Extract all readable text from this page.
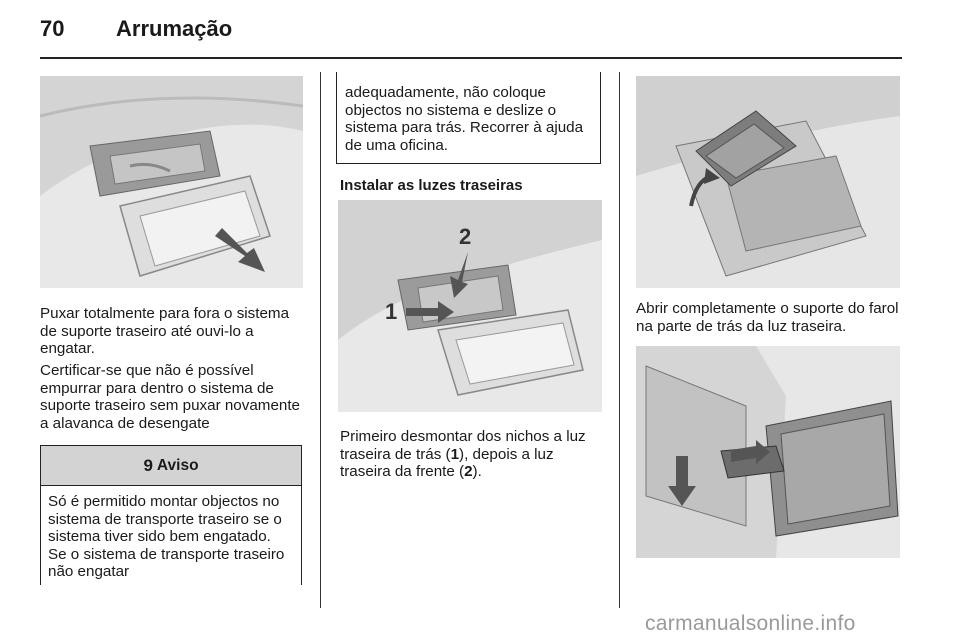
70 Arrumação

Puxar totalmente para fora o sistema de suporte traseiro até ouvi-lo a engatar.

Certificar-se que não é possível empurrar para dentro o sistema de suporte traseiro sem puxar novamente a alavanca de desengate

9 Aviso
Só é permitido montar objectos no sistema de transporte traseiro se o sistema tiver sido bem engatado. Se o sistema de transporte traseiro não engatar
adequadamente, não coloque objectos no sistema e deslize o sistema para trás. Recorrer à ajuda de uma oficina.

Instalar as luzes traseiras

2
1

Primeiro desmontar dos nichos a luz traseira de trás (1), depois a luz traseira da frente (2).

Abrir completamente o suporte do farol na parte de trás da luz traseira.

carmanualsonline.info
